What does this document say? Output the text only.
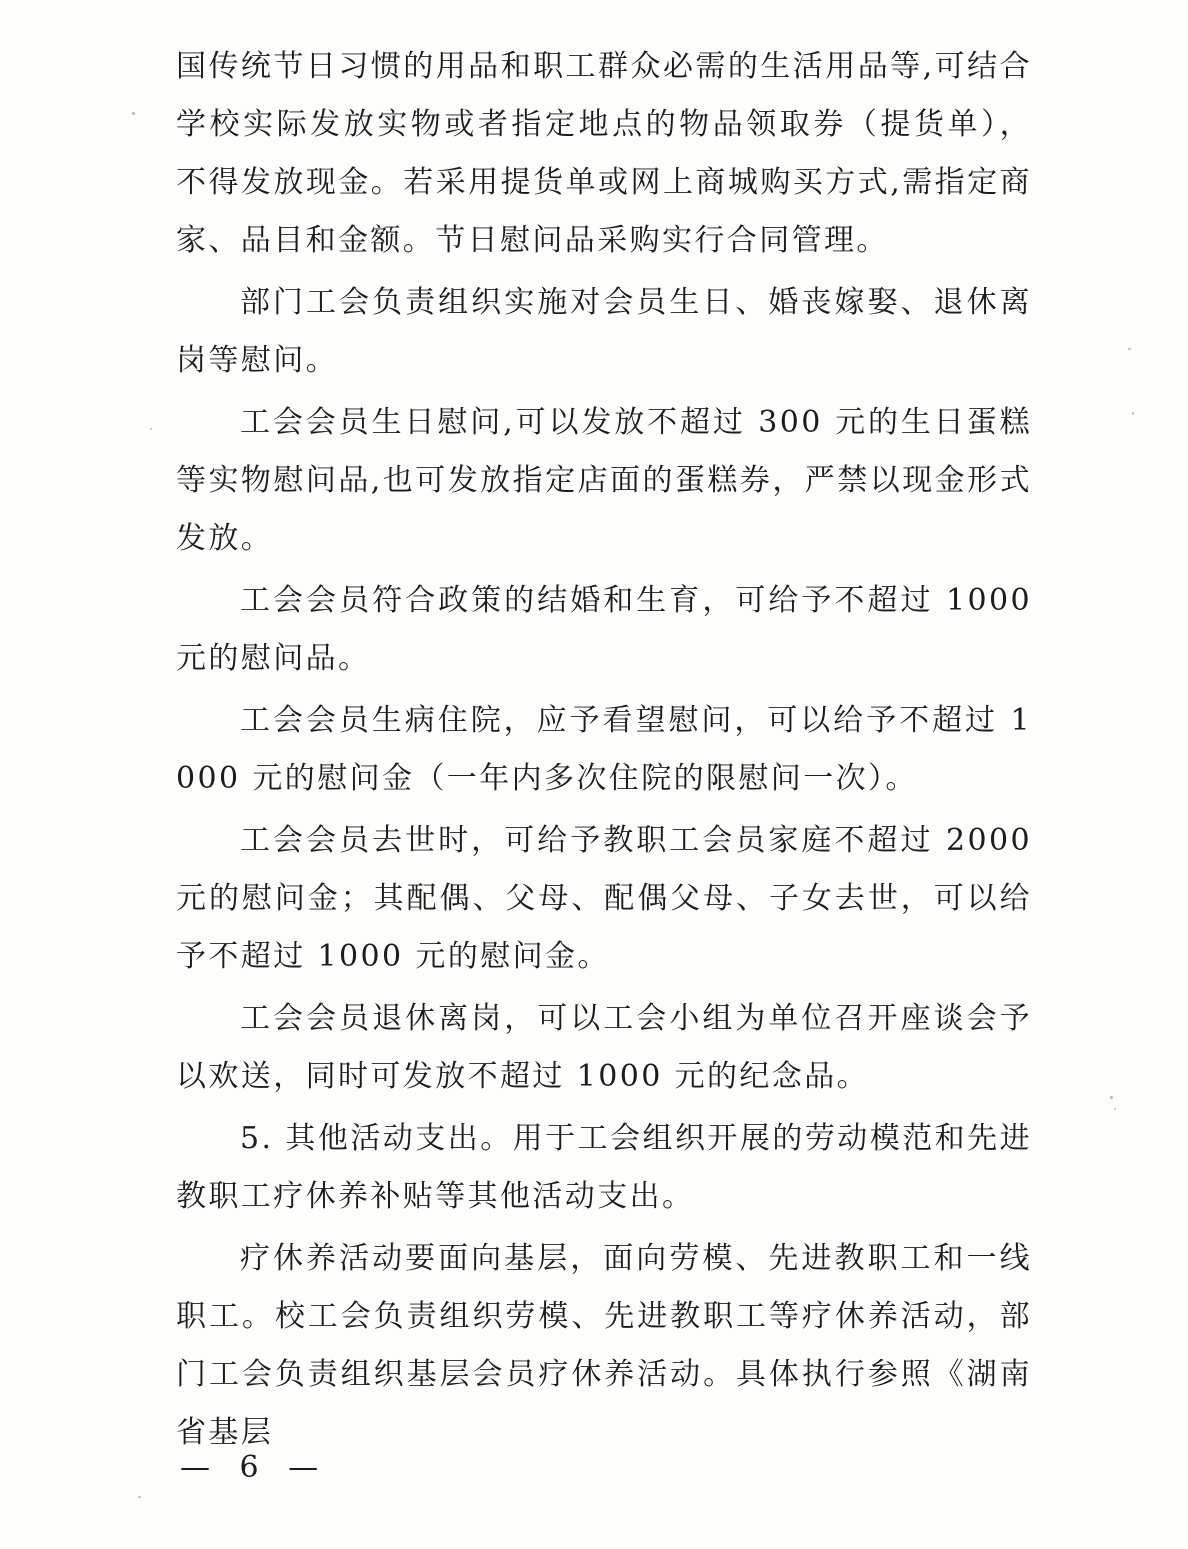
国传统节日习惯的用品和职工群众必需的生活用品等,可结合学校实际发放实物或者指定地点的物品领取券（提货单），不得发放现金。若采用提货单或网上商城购买方式,需指定商家、品目和金额。节日慰问品采购实行合同管理。

部门工会负责组织实施对会员生日、婚丧嫁娶、退休离岗等慰问。

工会会员生日慰问,可以发放不超过 300 元的生日蛋糕等实物慰问品,也可发放指定店面的蛋糕券，严禁以现金形式发放。

工会会员符合政策的结婚和生育，可给予不超过 1000 元的慰问品。

工会会员生病住院，应予看望慰问，可以给予不超过 1000 元的慰问金（一年内多次住院的限慰问一次）。

工会会员去世时，可给予教职工会员家庭不超过 2000 元的慰问金；其配偶、父母、配偶父母、子女去世，可以给予不超过 1000 元的慰问金。

工会会员退休离岗，可以工会小组为单位召开座谈会予以欢送，同时可发放不超过 1000 元的纪念品。

5. 其他活动支出。用于工会组织开展的劳动模范和先进教职工疗休养补贴等其他活动支出。

疗休养活动要面向基层，面向劳模、先进教职工和一线职工。校工会负责组织劳模、先进教职工等疗休养活动，部门工会负责组织基层会员疗休养活动。具体执行参照《湖南省基层

— 6 —
